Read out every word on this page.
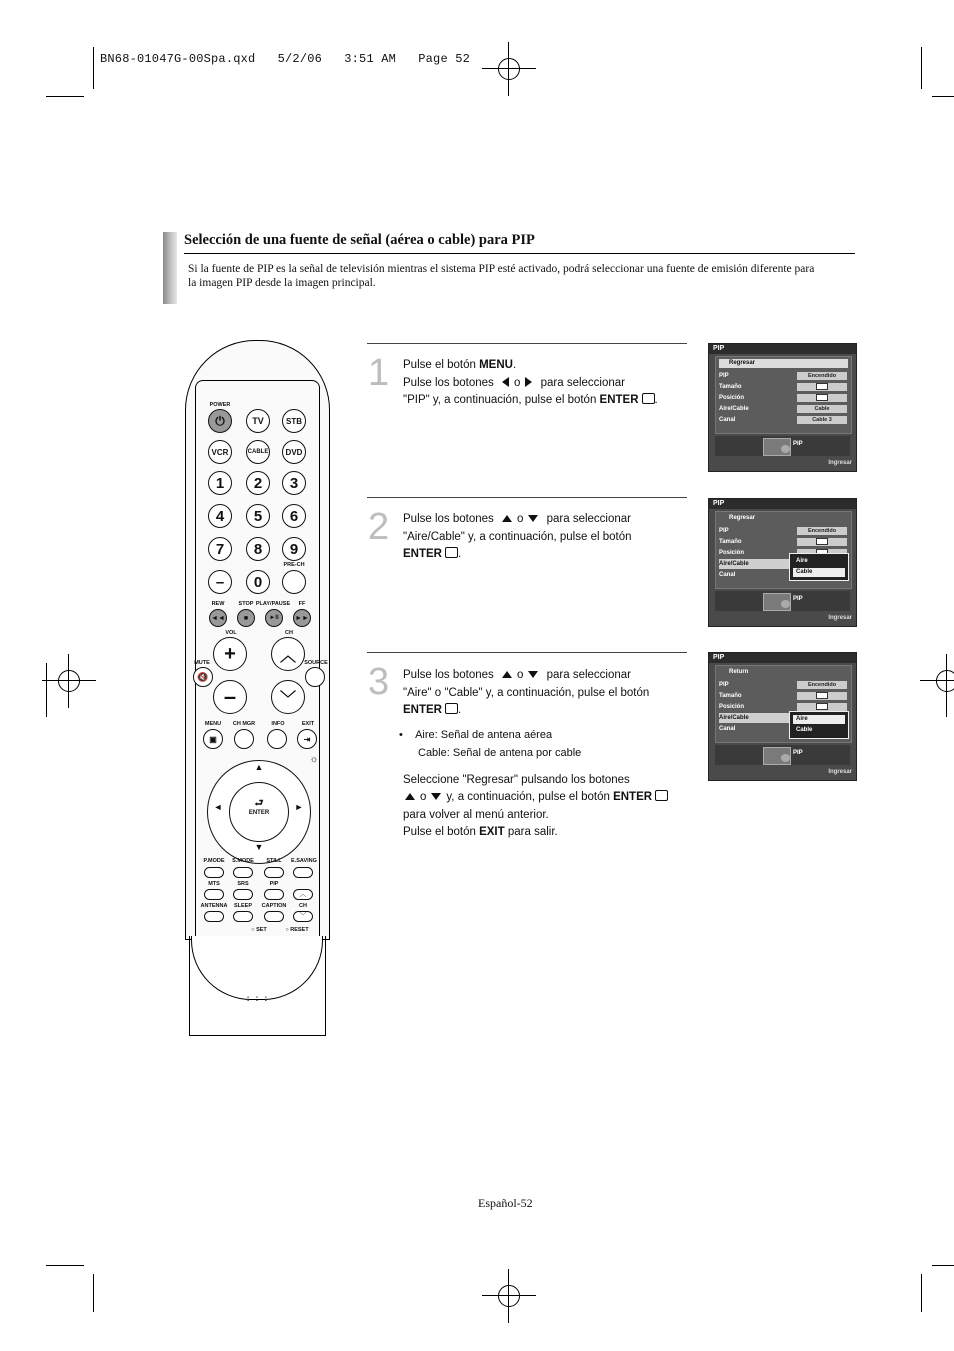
BN68-01047G-00Spa.qxd   5/2/06   3:51 AM   Page 52
Selección de una fuente de señal (aérea o cable) para PIP
Si la fuente de PIP es la señal de televisión mientras el sistema PIP esté activado, podrá seleccionar una fuente de emisión diferente para la imagen PIP desde la imagen principal.
1 Pulse el botón MENU.
Pulse los botones o para seleccionar
"PIP" y, a continuación, pulse el botón ENTER .
2 Pulse los botones o para seleccionar
"Aire/Cable" y, a continuación, pulse el botón
ENTER .
3 Pulse los botones o para seleccionar
"Aire" o "Cable" y, a continuación, pulse el botón
ENTER .
• Aire: Señal de antena aérea
Cable: Señal de antena por cable
Seleccione "Regresar" pulsando los botones
o y, a continuación, pulse el botón ENTER
para volver al menú anterior.
Pulse el botón EXIT para salir.
PIP
Regresar
PIP	Encendido
Tamaño
Posición
Aire/Cable	Cable
Canal	Cable 3
PIP
Ingresar
PIP
Regresar
PIP	Encendido
Tamaño
Posición
Aire/Cable
Canal
Aire
Cable
PIP
Ingresar
PIP
Return
PIP	Encendido
Tamaño
Posición
Aire/Cable
Canal
Aire
Cable
PIP
Ingresar
POWER
⏻	TV	STB
VCR	CABLE	DVD
1	2	3
4	5	6
7	8	9
–	0
PRE-CH
REW	STOP PLAY/PAUSE	FF
◄◄	■	►II	►►
VOL	CH
+	︿
MUTE
🔇
SOURCE
–	﹀
MENU	CH MGR	INFO	EXIT
▣	⇥
☼
▲
▼
◄	►
⮐
ENTER
P.MODE	S.MODE	STILL	E.SAVING
MTS	SRS	PIP
︿
ANTENNA	SLEEP	CAPTION	CH
﹀
○ SET	○ RESET
: : :
Español-52
